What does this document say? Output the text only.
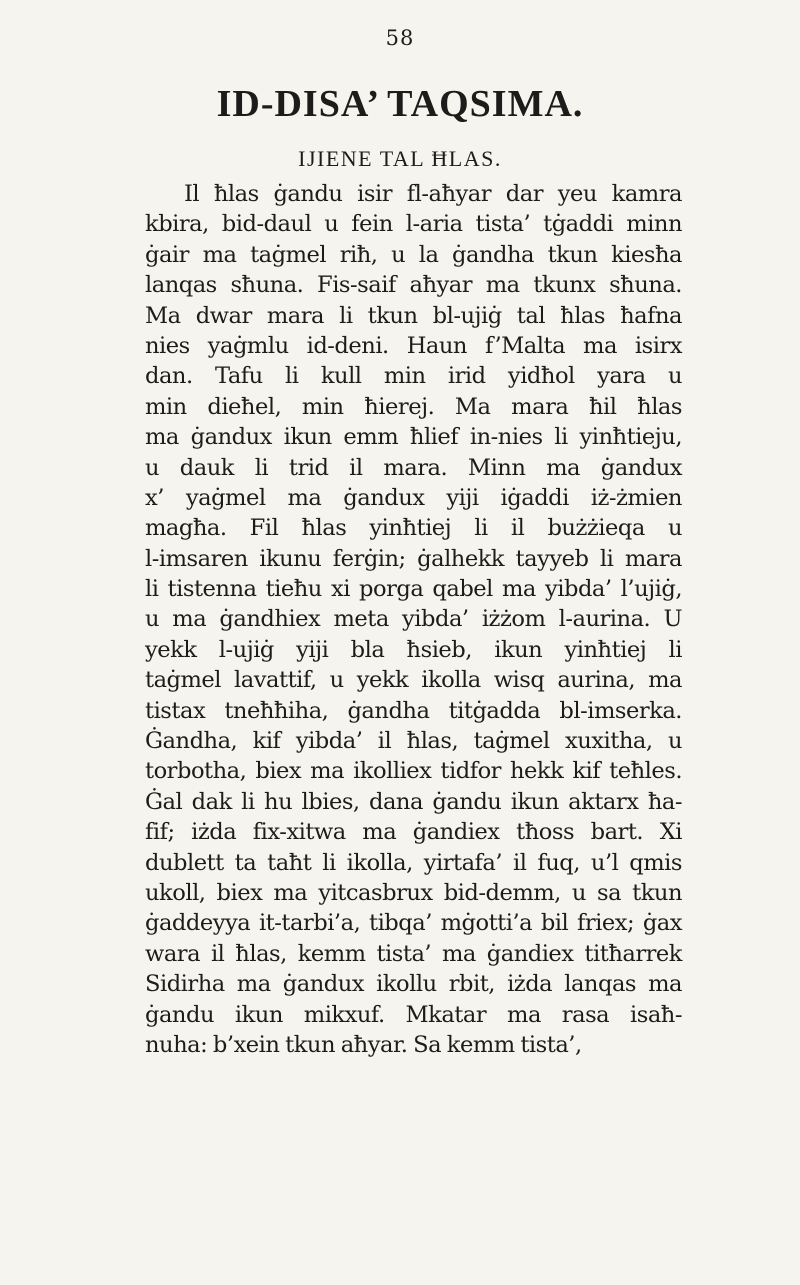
58
ID-DISA’ TAQSIMA.
IJIENE TAL ĦLAS.
Il ħlas ġandu isir fl-aħyar dar yeu kamra
kbira, bid-daul u fein l-aria tista’ tġaddi minn
ġair ma taġmel riħ, u la ġandha tkun kiesħa
lanqas sħuna. Fis-saif aħyar ma tkunx sħuna.
Ma dwar mara li tkun bl-ujiġ tal ħlas ħafna
nies yaġmlu id-deni. Haun f’Malta ma isirx
dan. Tafu li kull min irid yidħol yara u
min dieħel, min ħierej. Ma mara ħil ħlas
ma ġandux ikun emm ħlief in-nies li yinħtieju,
u dauk li trid il mara. Minn ma ġandux
x’ yaġmel ma ġandux yiji iġaddi iż-żmien
magħa. Fil ħlas yinħtiej li il bużżieqa u
l-imsaren ikunu ferġin; ġalhekk tayyeb li mara
li tistenna tieħu xi porga qabel ma yibda’ l’ujiġ,
u ma ġandhiex meta yibda’ iżżom l-aurina. U
yekk l-ujiġ yiji bla ħsieb, ikun yinħtiej li
taġmel lavattif, u yekk ikolla wisq aurina, ma
tistax tneħħiha, ġandha titġadda bl-imserka.
Ġandha, kif yibda’ il ħlas, taġmel xuxitha, u
torbotha, biex ma ikolliex tidfor hekk kif teħles.
Ġal dak li hu lbies, dana ġandu ikun aktarx ħa-
fif; iżda fix-xitwa ma ġandiex tħoss bart. Xi
dublett ta taħt li ikolla, yirtafa’ il fuq, u’l qmis
ukoll, biex ma yitcasbrux bid-demm, u sa tkun
ġaddeyya it-tarbi’a, tibqa’ mġotti’a bil friex; ġax
wara il ħlas, kemm tista’ ma ġandiex titħarrek
Sidirha ma ġandux ikollu rbit, iżda lanqas ma
ġandu ikun mikxuf. Mkatar ma rasa isaħ-
nuha: b’xein tkun aħyar. Sa kemm tista’,
